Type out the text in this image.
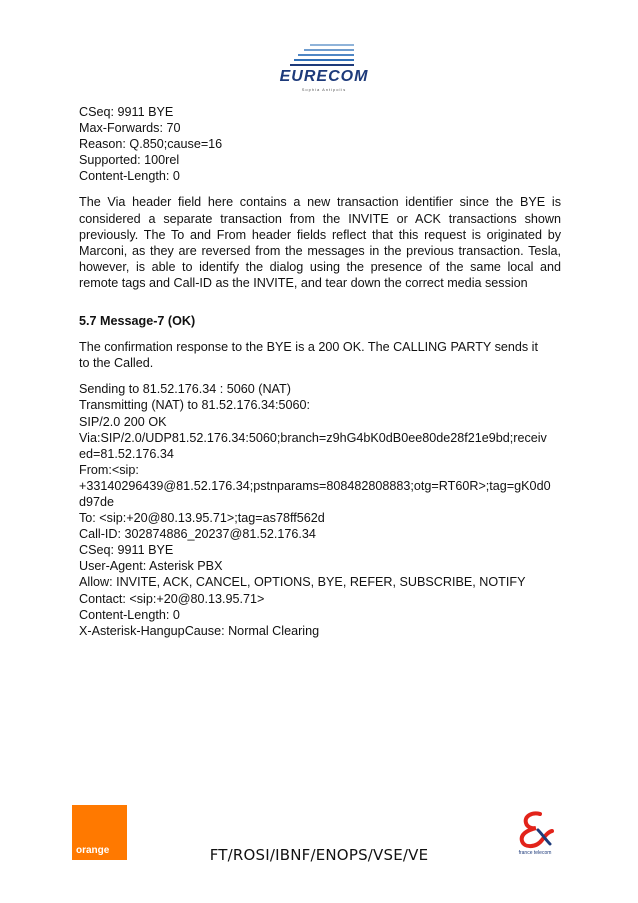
EURECOM
Sophia Antipolis
CSeq: 9911 BYE
Max-Forwards: 70
Reason: Q.850;cause=16
Supported: 100rel
Content-Length: 0
The Via header field here contains a new transaction identifier since the BYE is
considered a separate transaction from the INVITE or ACK transactions shown
previously. The To and From header fields reflect that this request is originated by
Marconi, as they are reversed from the messages in the previous transaction. Tesla,
however, is able to identify the dialog using the presence of the same local and
remote tags and Call-ID as the INVITE, and tear down the correct media session
5.7 Message-7 (OK)
The confirmation response to the BYE is a 200 OK. The CALLING PARTY sends it
to the Called.
Sending to 81.52.176.34 : 5060 (NAT)
Transmitting (NAT) to 81.52.176.34:5060:
SIP/2.0 200 OK
Via:SIP/2.0/UDP81.52.176.34:5060;branch=z9hG4bK0dB0ee80de28f21e9bd;receiv
ed=81.52.176.34
From:<sip:
+33140296439@81.52.176.34;pstnparams=808482808883;otg=RT60R>;tag=gK0d0
d97de
To: <sip:+20@80.13.95.71>;tag=as78ff562d
Call-ID: 302874886_20237@81.52.176.34
CSeq: 9911 BYE
User-Agent: Asterisk PBX
Allow: INVITE, ACK, CANCEL, OPTIONS, BYE, REFER, SUBSCRIBE, NOTIFY
Contact: <sip:+20@80.13.95.71>
Content-Length: 0
X-Asterisk-HangupCause: Normal Clearing
orange	FT/ROSI/IBNF/ENOPS/VSE/VE	france telecom
